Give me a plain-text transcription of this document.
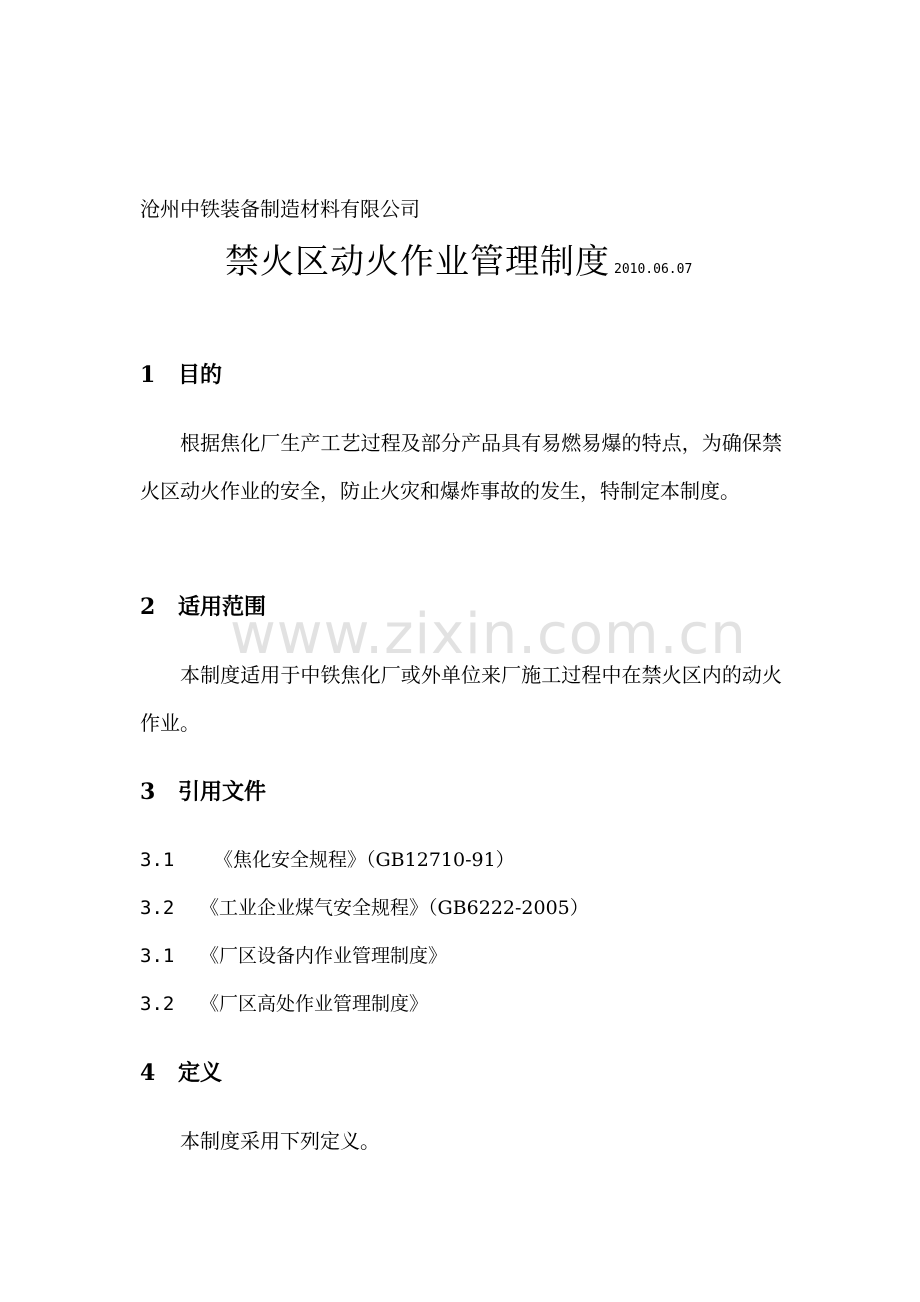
沧州中铁装备制造材料有限公司
禁火区动火作业管理制度 2010.06.07
www.zixin.com.cn
1 目的
根据焦化厂生产工艺过程及部分产品具有易燃易爆的特点，为确保禁火区动火作业的安全，防止火灾和爆炸事故的发生，特制定本制度。
2 适用范围
本制度适用于中铁焦化厂或外单位来厂施工过程中在禁火区内的动火作业。
3 引用文件
3.1 《焦化安全规程》（GB12710-91）
3.2 《工业企业煤气安全规程》（GB6222-2005）
3.1 《厂区设备内作业管理制度》
3.2 《厂区高处作业管理制度》
4 定义
本制度采用下列定义。
